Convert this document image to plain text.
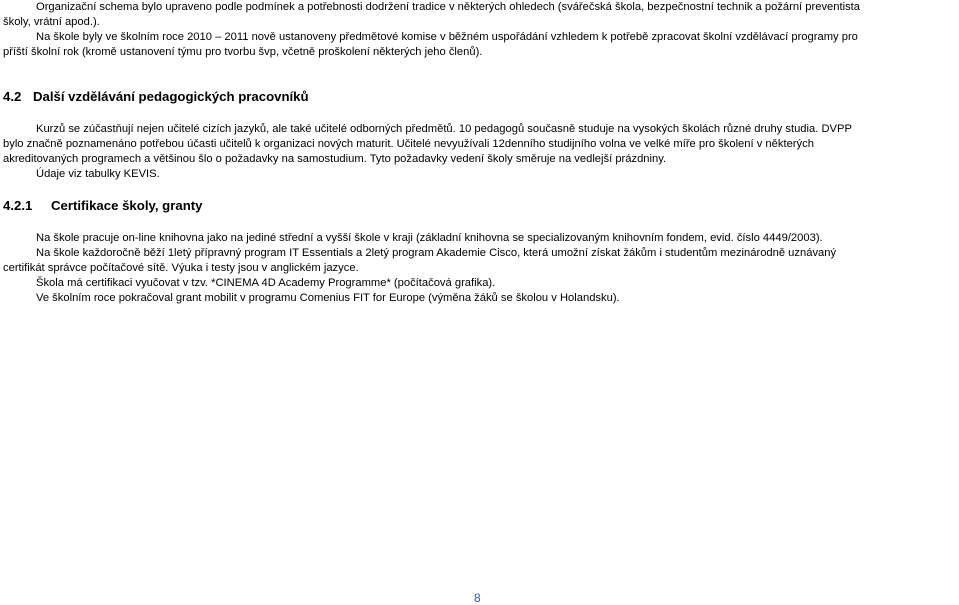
Organizační schema bylo upraveno podle podmínek a potřebnosti dodržení tradice v některých ohledech (svářečská škola, bezpečnostní technik a požární preventista
školy, vrátní apod.).
Na škole byly ve školním roce 2010 – 2011 nově ustanoveny předmětové komise v běžném uspořádání vzhledem k potřebě zpracovat školní vzdělávací programy pro
příští školní rok (kromě ustanovení týmu pro tvorbu švp, včetně proškolení některých jeho členů).
4.2 Další vzdělávání pedagogických pracovníků
Kurzů se zúčastňují nejen učitelé cizích jazyků, ale také učitelé odborných předmětů. 10 pedagogů současně studuje na vysokých školách různé druhy studia. DVPP
bylo značně poznamenáno potřebou účasti učitelů k organizaci nových maturit. Učitelé nevyužívali 12denního studijního volna ve velké míře pro školení v některých
akreditovaných programech a většinou šlo o požadavky na samostudium. Tyto požadavky vedení školy směruje na vedlejší prázdniny.
Údaje viz tabulky KEVIS.
4.2.1 Certifikace školy, granty
Na škole pracuje on-line knihovna jako na jediné střední a vyšší škole v kraji (základní knihovna se specializovaným knihovním fondem, evid. číslo 4449/2003).
Na škole každoročně běží 1letý přípravný program IT Essentials a 2letý program Akademie Cisco, která umožní získat žákům i studentům mezinárodně uznávaný
certifikát správce počítačové sítě. Výuka i testy jsou v anglickém jazyce.
Škola má certifikaci vyučovat v tzv. *CINEMA 4D Academy Programme* (počítačová grafika).
Ve školním roce pokračoval grant mobilit v programu Comenius FIT for Europe (výměna žáků se školou v Holandsku).
8
